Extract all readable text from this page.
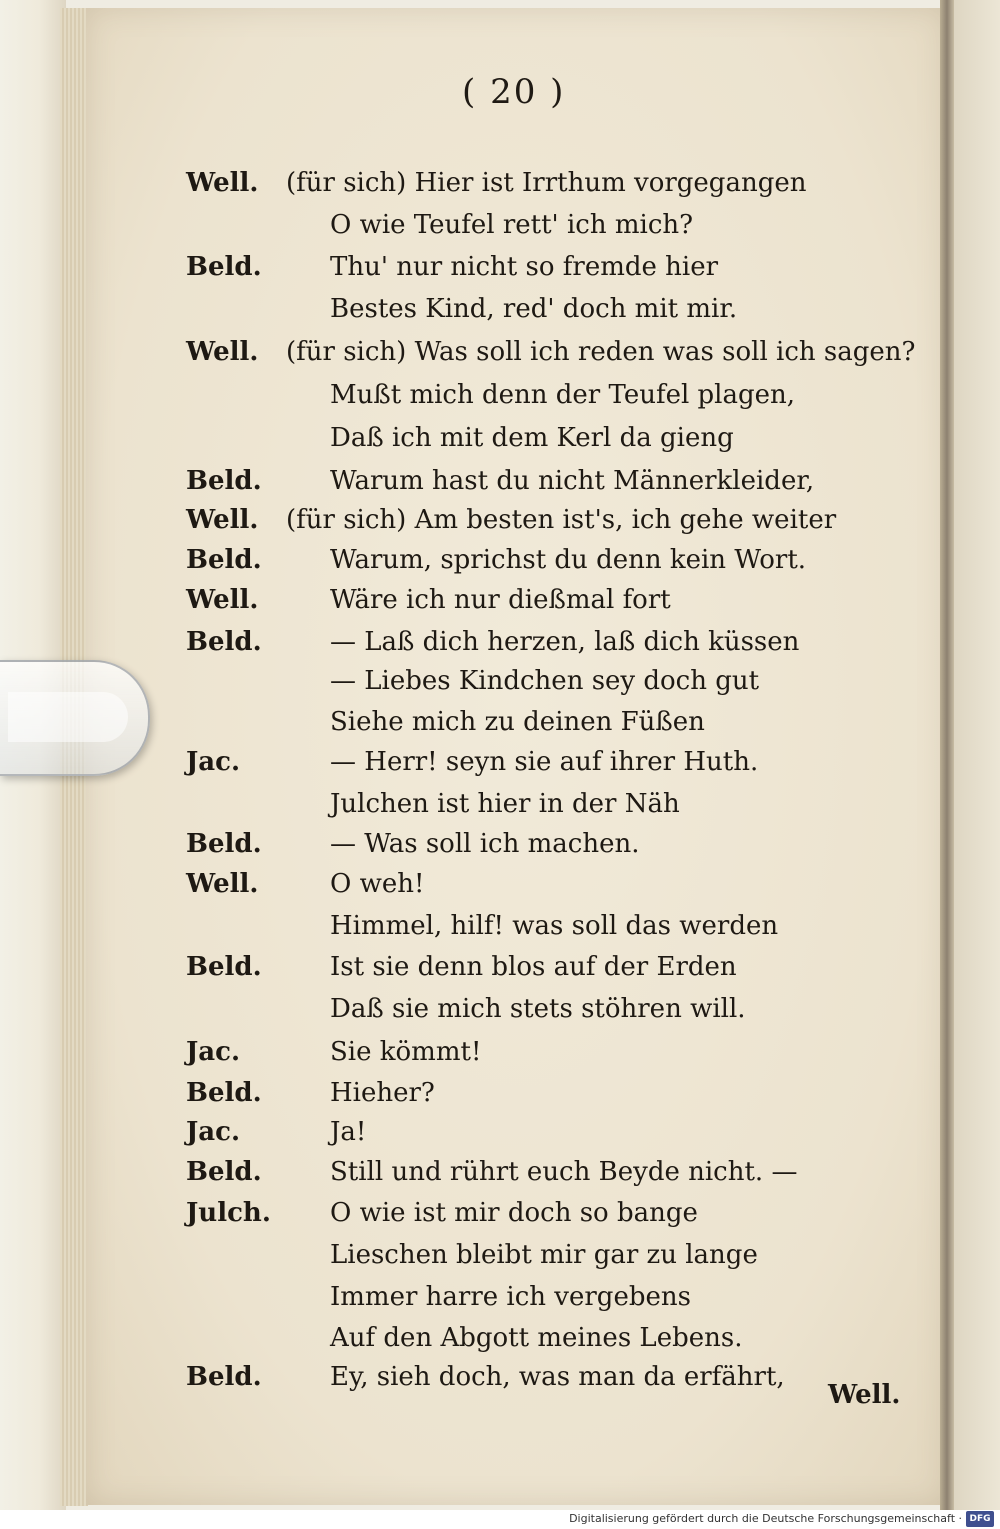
( 20 )
Well. (für sich) Hier ist Irrthum vorgegangen
O wie Teufel rett' ich mich?
Beld.	Thu' nur nicht so fremde hier
Bestes Kind, red' doch mit mir.
Well. (für sich) Was soll ich reden was soll ich sagen?
Mußt mich denn der Teufel plagen,
Daß ich mit dem Kerl da gieng
Beld.	Warum hast du nicht Männerkleider,
Well. (für sich) Am besten ist's, ich gehe weiter
Beld.	Warum, sprichst du denn kein Wort.
Well.	Wäre ich nur dießmal fort
Beld.	— Laß dich herzen, laß dich küssen
— Liebes Kindchen sey doch gut
Siehe mich zu deinen Füßen
Jac.	— Herr! seyn sie auf ihrer Huth.
Julchen ist hier in der Näh
Beld.	— Was soll ich machen.
Well.	O weh!
Himmel, hilf! was soll das werden
Beld.	Ist sie denn blos auf der Erden
Daß sie mich stets stöhren will.
Jac.	Sie kömmt!
Beld.	Hieher?
Jac.	Ja!
Beld.	Still und rührt euch Beyde nicht. —
Julch. O wie ist mir doch so bange
Lieschen bleibt mir gar zu lange
Immer harre ich vergebens
Auf den Abgott meines Lebens.
Beld.	Ey, sieh doch, was man da erfährt,
Well.
Digitalisierung gefördert durch die Deutsche Forschungsgemeinschaft · DFG
